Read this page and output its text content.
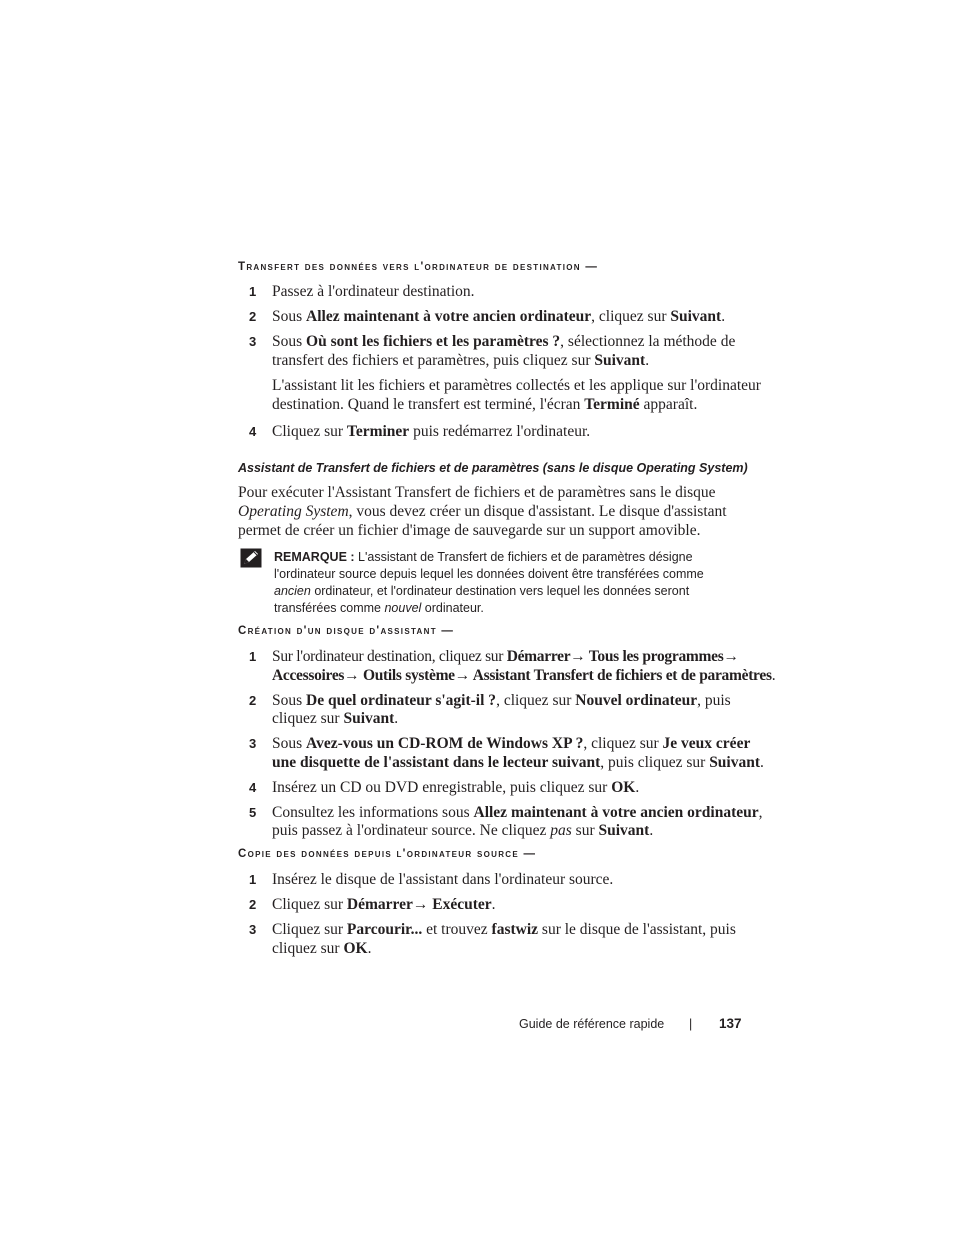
Transfert des données vers l'ordinateur de destination —
1 Passez à l'ordinateur destination.
2 Sous Allez maintenant à votre ancien ordinateur, cliquez sur Suivant.
3 Sous Où sont les fichiers et les paramètres ?, sélectionnez la méthode de
transfert des fichiers et paramètres, puis cliquez sur Suivant.
L'assistant lit les fichiers et paramètres collectés et les applique sur l'ordinateur
destination. Quand le transfert est terminé, l'écran Terminé apparaît.
4 Cliquez sur Terminer puis redémarrez l'ordinateur.
Assistant de Transfert de fichiers et de paramètres (sans le disque Operating System)
Pour exécuter l'Assistant Transfert de fichiers et de paramètres sans le disque
Operating System, vous devez créer un disque d'assistant. Le disque d'assistant
permet de créer un fichier d'image de sauvegarde sur un support amovible.
REMARQUE : L'assistant de Transfert de fichiers et de paramètres désigne
l'ordinateur source depuis lequel les données doivent être transférées comme
ancien ordinateur, et l'ordinateur destination vers lequel les données seront
transférées comme nouvel ordinateur.
Création d'un disque d'assistant —
1 Sur l'ordinateur destination, cliquez sur Démarrer→ Tous les programmes→
Accessoires→ Outils système→ Assistant Transfert de fichiers et de paramètres.
2 Sous De quel ordinateur s'agit-il ?, cliquez sur Nouvel ordinateur, puis
cliquez sur Suivant.
3 Sous Avez-vous un CD-ROM de Windows XP ?, cliquez sur Je veux créer
une disquette de l'assistant dans le lecteur suivant, puis cliquez sur Suivant.
4 Insérez un CD ou DVD enregistrable, puis cliquez sur OK.
5 Consultez les informations sous Allez maintenant à votre ancien ordinateur,
puis passez à l'ordinateur source. Ne cliquez pas sur Suivant.
Copie des données depuis l'ordinateur source —
1 Insérez le disque de l'assistant dans l'ordinateur source.
2 Cliquez sur Démarrer→ Exécuter.
3 Cliquez sur Parcourir... et trouvez fastwiz sur le disque de l'assistant, puis
cliquez sur OK.
Guide de référence rapide | 137
